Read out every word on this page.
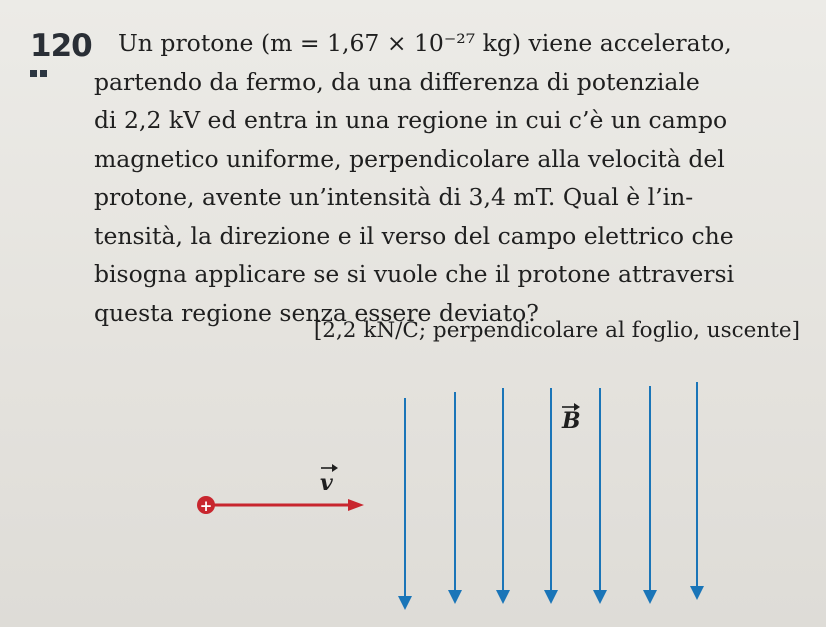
120 Un protone (m = 1,67 × 10⁻²⁷ kg) viene accelerato,
partendo da fermo, da una differenza di potenziale
di 2,2 kV ed entra in una regione in cui c’è un campo
magnetico uniforme, perpendicolare alla velocità del
protone, avente un’intensità di 3,4 mT. Qual è l’in-
tensità, la direzione e il verso del campo elettrico che
bisogna applicare se si vuole che il protone attraversi
questa regione senza essere deviato?
[2,2 kN/C; perpendicolare al foglio, uscente]
B
v
+
